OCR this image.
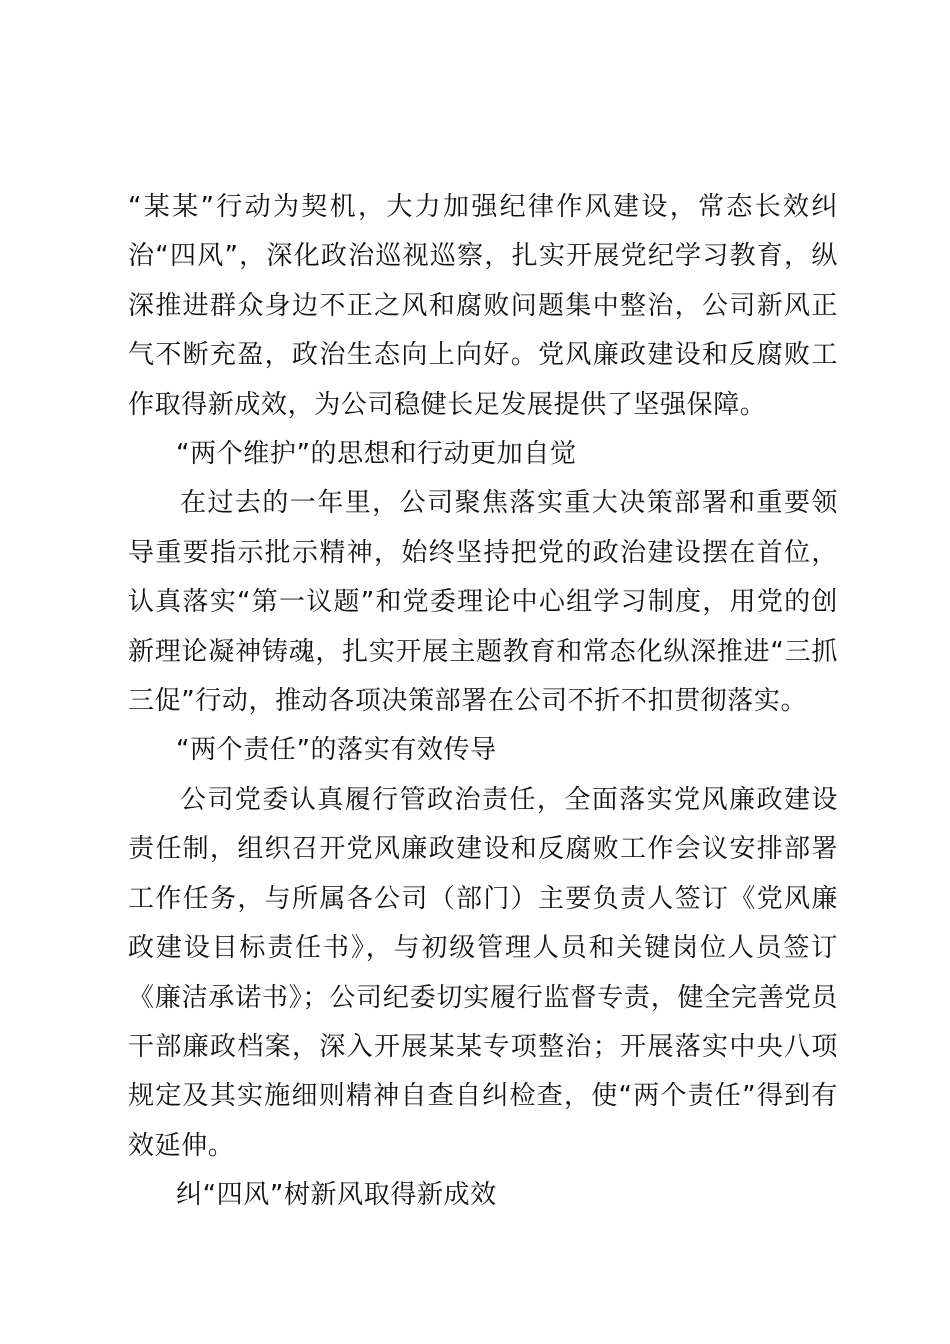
“某某”行动为契机，大力加强纪律作风建设，常态长效纠治“四风”，深化政治巡视巡察，扎实开展党纪学习教育，纵深推进群众身边不正之风和腐败问题集中整治，公司新风正气不断充盈，政治生态向上向好。党风廉政建设和反腐败工作取得新成效，为公司稳健长足发展提供了坚强保障。

“两个维护”的思想和行动更加自觉

在过去的一年里，公司聚焦落实重大决策部署和重要领导重要指示批示精神，始终坚持把党的政治建设摆在首位，认真落实“第一议题”和党委理论中心组学习制度，用党的创新理论凝神铸魂，扎实开展主题教育和常态化纵深推进“三抓三促”行动，推动各项决策部署在公司不折不扣贯彻落实。

“两个责任”的落实有效传导

公司党委认真履行管政治责任，全面落实党风廉政建设责任制，组织召开党风廉政建设和反腐败工作会议安排部署工作任务，与所属各公司（部门）主要负责人签订《党风廉政建设目标责任书》，与初级管理人员和关键岗位人员签订《廉洁承诺书》；公司纪委切实履行监督专责，健全完善党员干部廉政档案，深入开展某某专项整治；开展落实中央八项规定及其实施细则精神自查自纠检查，使“两个责任”得到有效延伸。

纠“四风”树新风取得新成效
